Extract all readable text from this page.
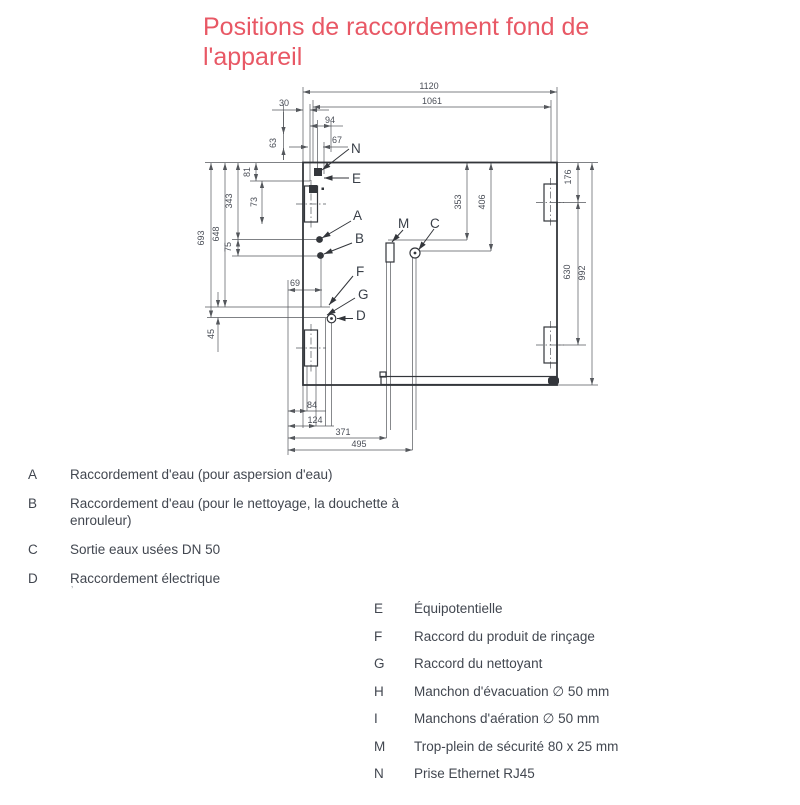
Positions de raccordement fond de l'appareil
1120
1061
30
94
67
69
84
124
371
495
63
81
73
343
75
648
693
45
353 406
176
630 992
N
E
A
B
F
G
D
M C
A	Raccordement d'eau (pour aspersion d'eau)
B	Raccordement d'eau (pour le nettoyage, la douchette à enrouleur)
C	Sortie eaux usées DN 50
D	Raccordement électrique
’
E	Équipotentielle
F	Raccord du produit de rinçage
G	Raccord du nettoyant
H	Manchon d'évacuation ∅ 50 mm
I	Manchons d'aération ∅ 50 mm
M	Trop-plein de sécurité 80 x 25 mm
N	Prise Ethernet RJ45
